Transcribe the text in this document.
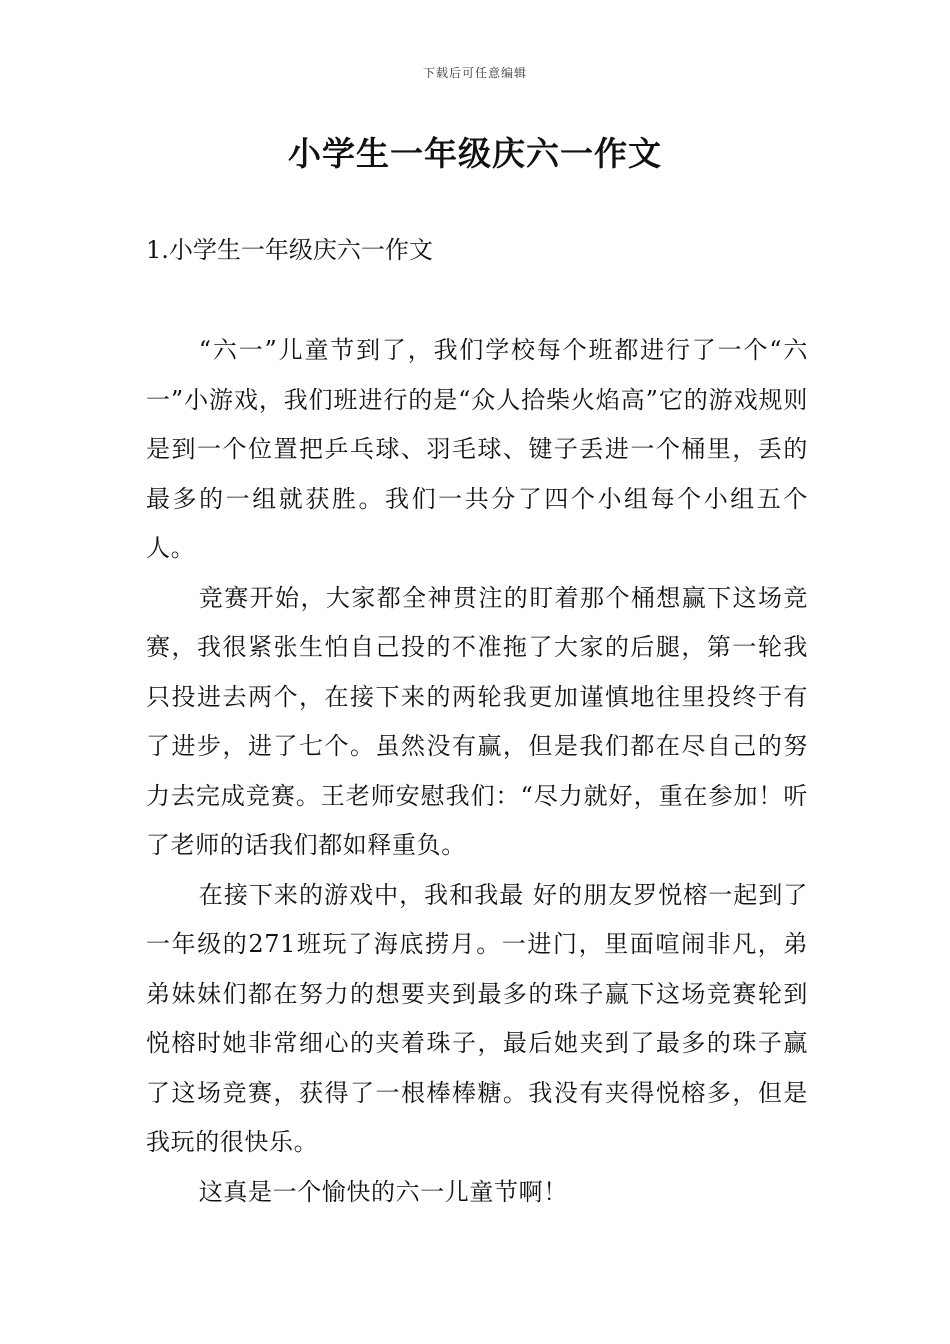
下载后可任意编辑
小学生一年级庆六一作文
1.小学生一年级庆六一作文

“六一”儿童节到了，我们学校每个班都进行了一个“六一”小游戏，我们班进行的是“众人拾柴火焰高”它的游戏规则是到一个位置把乒乓球、羽毛球、键子丢进一个桶里，丢的最多的一组就获胜。我们一共分了四个小组每个小组五个人。

竞赛开始，大家都全神贯注的盯着那个桶想赢下这场竞赛，我很紧张生怕自己投的不准拖了大家的后腿，第一轮我只投进去两个，在接下来的两轮我更加谨慎地往里投终于有了进步，进了七个。虽然没有赢，但是我们都在尽自己的努力去完成竞赛。王老师安慰我们：“尽力就好，重在参加！听了老师的话我们都如释重负。

在接下来的游戏中，我和我最 好的朋友罗悦榕一起到了一年级的271班玩了海底捞月。一进门，里面喧闹非凡，弟弟妹妹们都在努力的想要夹到最多的珠子赢下这场竞赛轮到悦榕时她非常细心的夹着珠子，最后她夹到了最多的珠子赢了这场竞赛，获得了一根棒棒糖。我没有夹得悦榕多，但是我玩的很快乐。

这真是一个愉快的六一儿童节啊！
